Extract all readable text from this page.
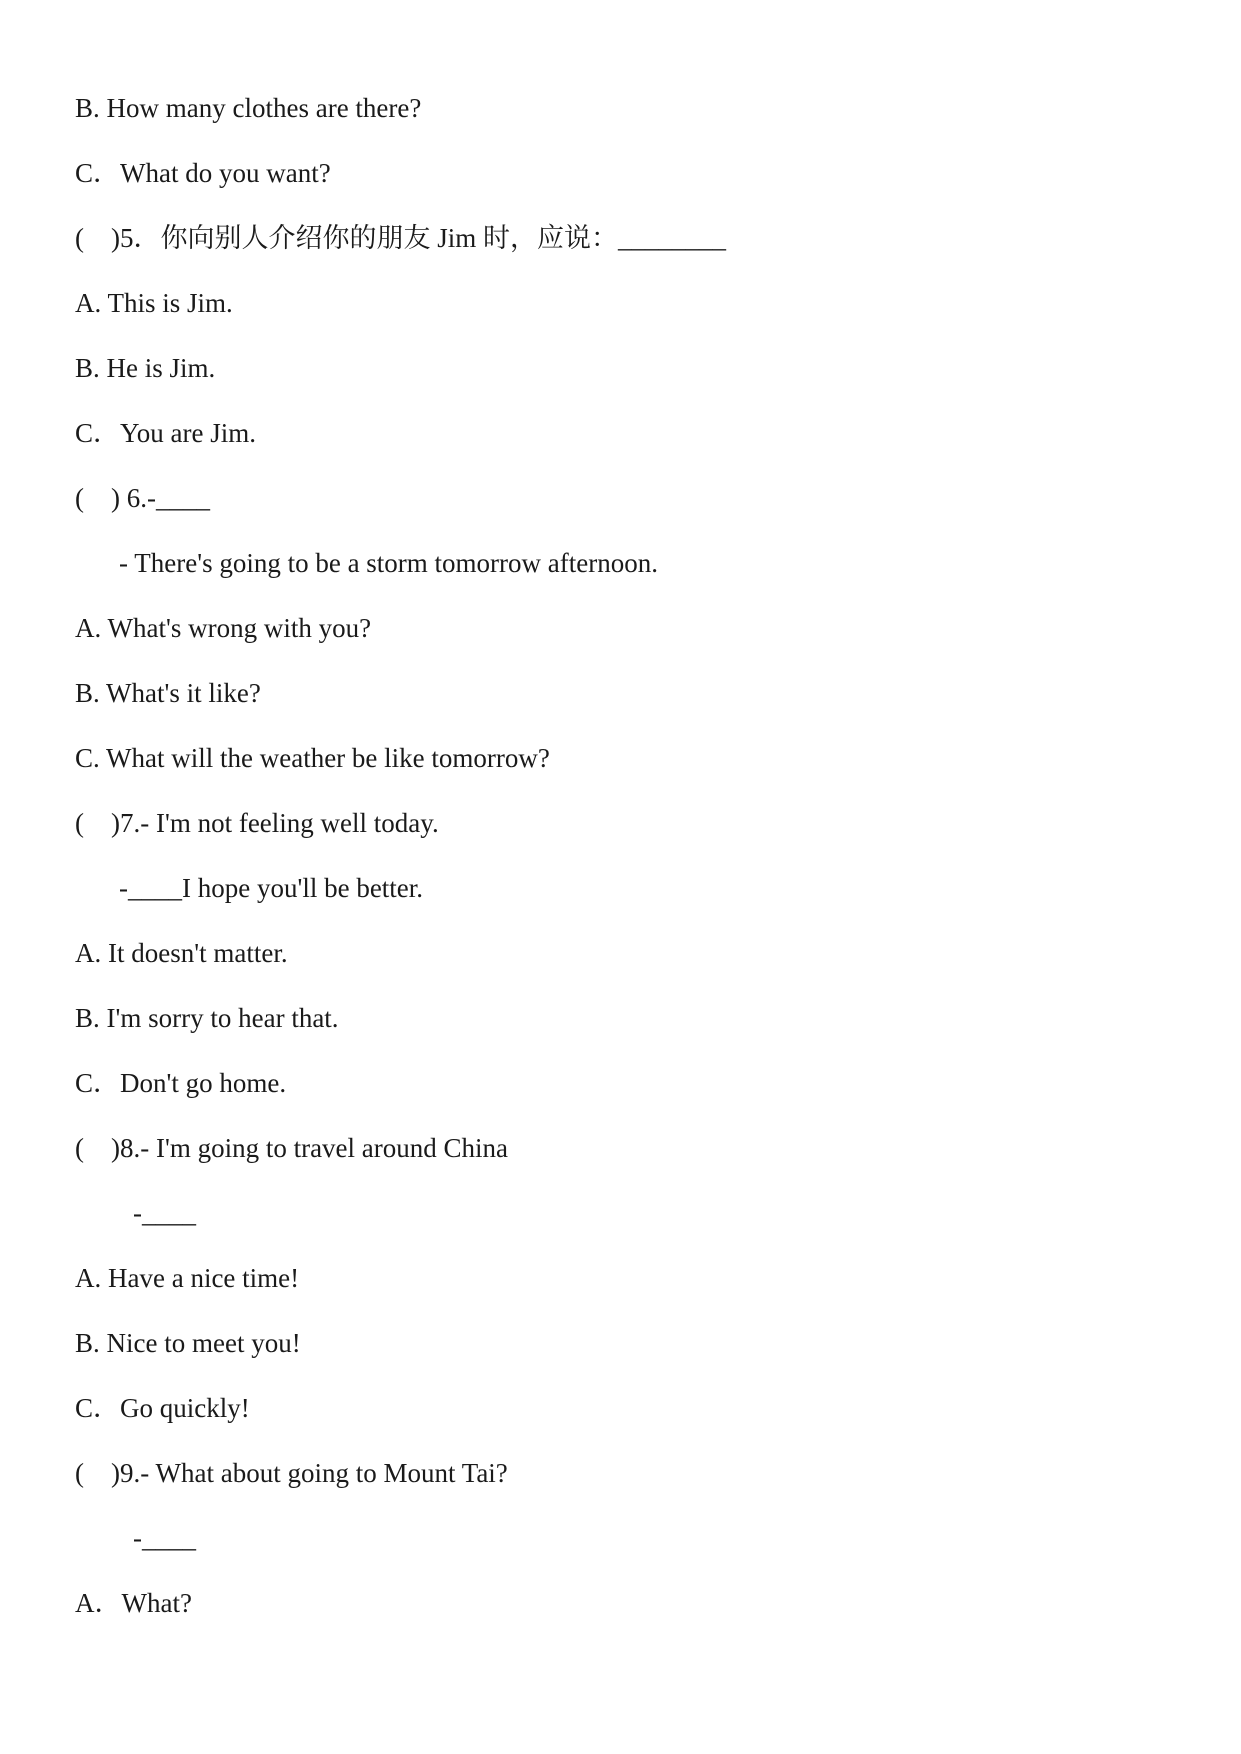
B. How many clothes are there?
C．What do you want?
(    )5．你向别人介绍你的朋友 Jim 时，应说：________
A. This is Jim.
B. He is Jim.
C．You are Jim.
(    ) 6.-____
- There's going to be a storm tomorrow afternoon.
A. What's wrong with you?
B. What's it like?
C. What will the weather be like tomorrow?
(    )7.- I'm not feeling well today.
-____I hope you'll be better.
A. It doesn't matter.
B. I'm sorry to hear that.
C．Don't go home.
(    )8.- I'm going to travel around China
-____
A. Have a nice time!
B. Nice to meet you!
C．Go quickly!
(    )9.- What about going to Mount Tai?
-____
A．What?
